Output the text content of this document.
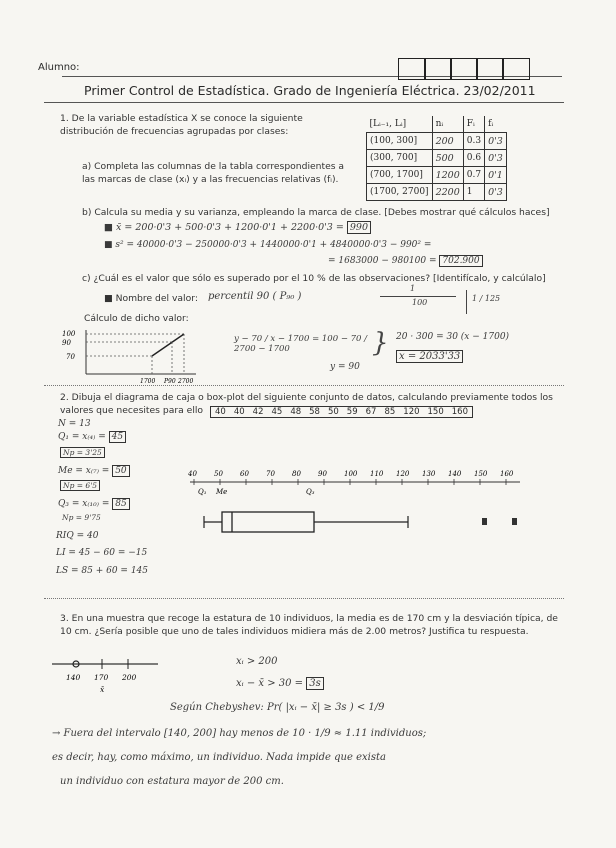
Alumno:
Primer Control de Estadística. Grado de Ingeniería Eléctrica. 23/02/2011
1. De la variable estadística X se conoce la siguiente distribución de frecuencias agrupadas por clases:
[Lᵢ₋₁, Lᵢ]	nᵢ	Fᵢ	fᵢ
(100, 300]	200	0.3	0'3
(300, 700]	500	0.6	0'3
(700, 1700]	1200	0.7	0'1
(1700, 2700]	2200	1	0'3
a) Completa las columnas de la tabla correspondientes a las marcas de clase (xᵢ) y a las frecuencias relativas (fᵢ).
b) Calcula su media y su varianza, empleando la marca de clase. [Debes mostrar qué cálculos haces]
■ x̄ = 200·0'3 + 500·0'3 + 1200·0'1 + 2200·0'3 = 990
■ s² = 40000·0'3 − 250000·0'3 + 1440000·0'1 + 4840000·0'3 − 990² =
= 1683000 − 980100 = 702.900
c) ¿Cuál es el valor que sólo es superado por el 10 % de las observaciones? [Identifícalo, y calcúlalo]
■ Nombre del valor: percentil 90 ( P₉₀ )
1
100	1 / 125
Cálculo de dicho valor:
100
90
70
1700 P90 2700
y − 70 / x − 1700 = 100 − 70 / 2700 − 1700
y = 90
} 20 · 300 = 30 (x − 1700)
x = 2033'33
2. Dibuja el diagrama de caja o box-plot del siguiente conjunto de datos, calculando previamente todos los valores que necesites para ello	40 40 42 45 48 58 50 59 67 85 120 150 160
N = 13
Q₁ = x₍₄₎ = 45
Np = 3'25
Me = x₍₇₎ = 50
Np = 6'5
Q₃ = x₍₁₀₎ = 85
Np = 9'75
RIQ = 40
LI = 45 − 60 = −15
LS = 85 + 60 = 145
40 50 60 70 80 90 100 110 120 130 140 150 160
Q₁ Me	Q₃
3. En una muestra que recoge la estatura de 10 individuos, la media es de 170 cm y la desviación típica, de 10 cm. ¿Sería posible que uno de tales individuos midiera más de 2.00 metros? Justifica tu respuesta.
140 170 200
x̄
xᵢ > 200
xᵢ − x̄ > 30 = 3s
Según Chebyshev: Pr( |xᵢ − x̄| ≥ 3s ) < 1/9
→ Fuera del intervalo [140, 200] hay menos de 10 · 1/9 ≈ 1.11 individuos;
es decir, hay, como máximo, un individuo. Nada impide que exista
un individuo con estatura mayor de 200 cm.
